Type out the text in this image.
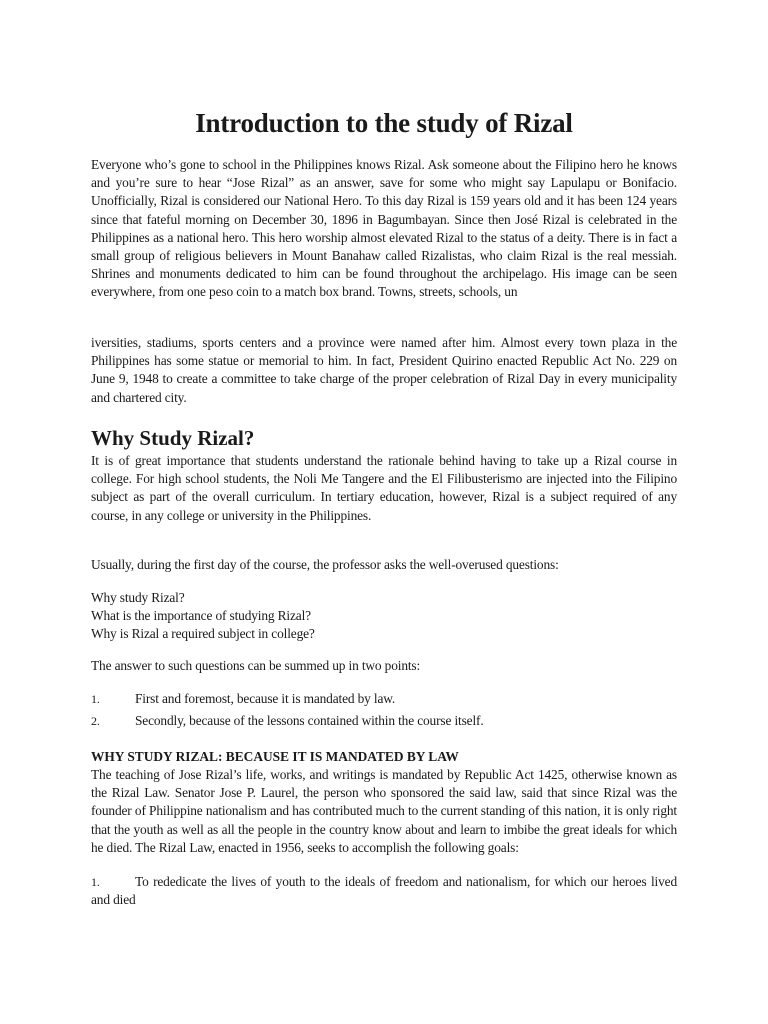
Introduction to the study of Rizal

Everyone who’s gone to school in the Philippines knows Rizal. Ask someone about the Filipino hero he knows and you’re sure to hear “Jose Rizal” as an answer, save for some who might say Lapulapu or Bonifacio. Unofficially, Rizal is considered our National Hero. To this day Rizal is 159 years old and it has been 124 years since that fateful morning on December 30, 1896 in Bagumbayan. Since then José Rizal is celebrated in the Philippines as a national hero. This hero worship almost elevated Rizal to the status of a deity. There is in fact a small group of religious believers in Mount Banahaw called Rizalistas, who claim Rizal is the real messiah. Shrines and monuments dedicated to him can be found throughout the archipelago. His image can be seen everywhere, from one peso coin to a match box brand. Towns, streets, schools, un

iversities, stadiums, sports centers and a province were named after him. Almost every town plaza in the Philippines has some statue or memorial to him. In fact, President Quirino enacted Republic Act No. 229 on June 9, 1948 to create a committee to take charge of the proper celebration of Rizal Day in every municipality and chartered city.

Why Study Rizal?

It is of great importance that students understand the rationale behind having to take up a Rizal course in college. For high school students, the Noli Me Tangere and the El Filibusterismo are injected into the Filipino subject as part of the overall curriculum. In tertiary education, however, Rizal is a subject required of any course, in any college or university in the Philippines.

Usually, during the first day of the course, the professor asks the well-overused questions:

Why study Rizal?
What is the importance of studying Rizal?
Why is Rizal a required subject in college?

The answer to such questions can be summed up in two points:

1.	First and foremost, because it is mandated by law.
2.	Secondly, because of the lessons contained within the course itself.
WHY STUDY RIZAL: BECAUSE IT IS MANDATED BY LAW

The teaching of Jose Rizal’s life, works, and writings is mandated by Republic Act 1425, otherwise known as the Rizal Law. Senator Jose P. Laurel, the person who sponsored the said law, said that since Rizal was the founder of Philippine nationalism and has contributed much to the current standing of this nation, it is only right that the youth as well as all the people in the country know about and learn to imbibe the great ideals for which he died. The Rizal Law, enacted in 1956, seeks to accomplish the following goals:

1.	To rededicate the lives of youth to the ideals of freedom and nationalism, for which our heroes lived and died
